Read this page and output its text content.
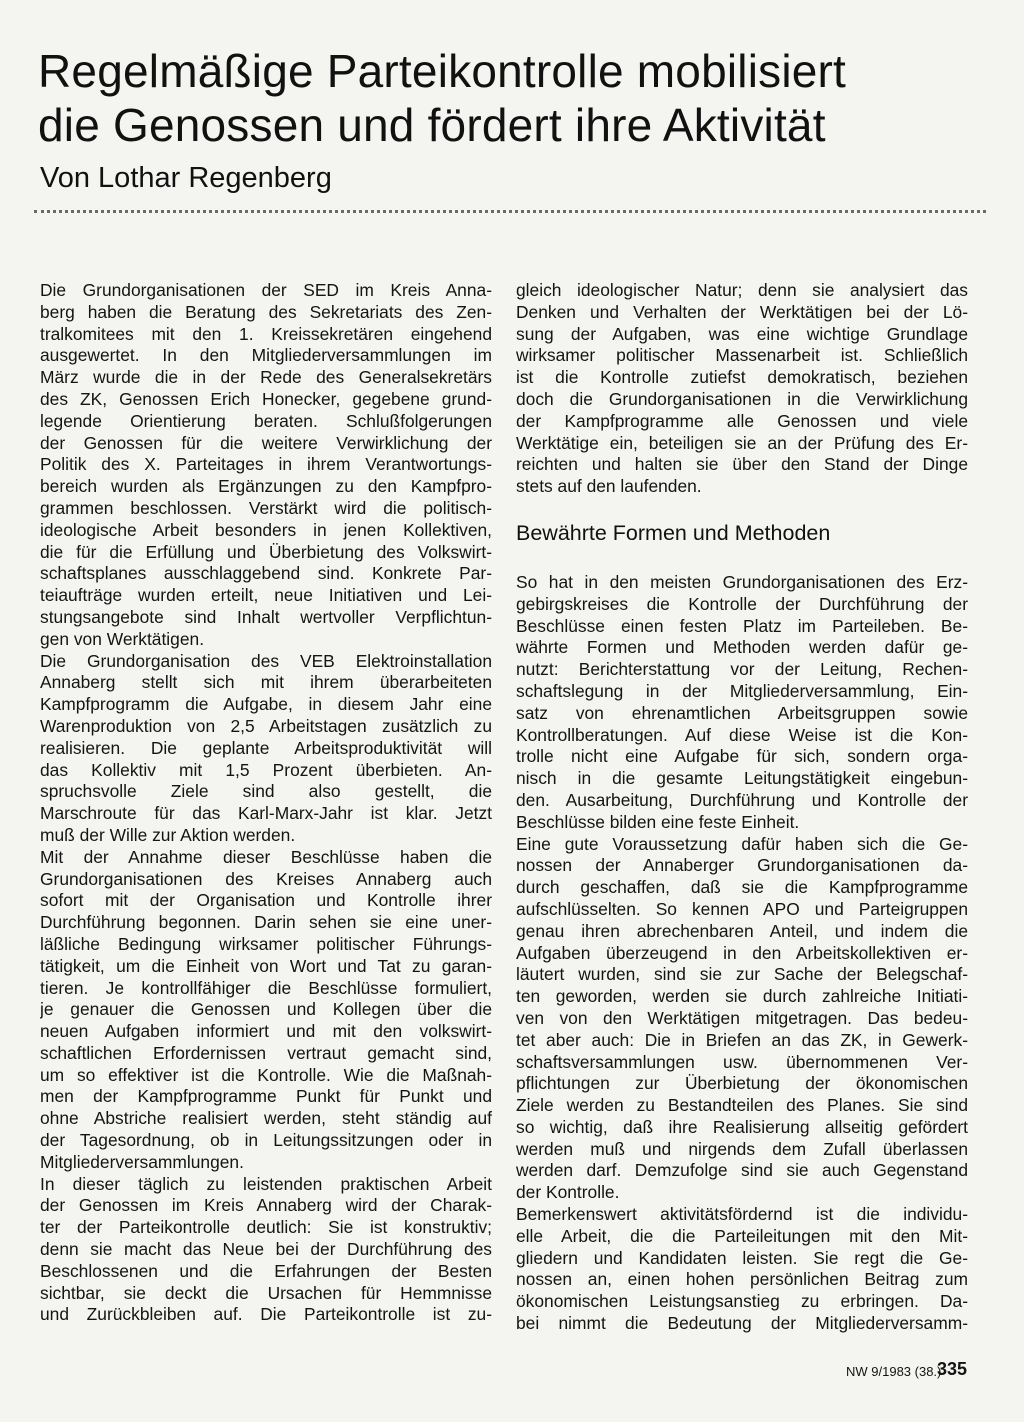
Regelmäßige Parteikontrolle mobilisiert
die Genossen und fördert ihre Aktivität
Von Lothar Regenberg
Die Grundorganisationen der SED im Kreis Anna-
berg haben die Beratung des Sekretariats des Zen-
tralkomitees mit den 1. Kreissekretären eingehend
ausgewertet. In den Mitgliederversammlungen im
März wurde die in der Rede des Generalsekretärs
des ZK, Genossen Erich Honecker, gegebene grund-
legende Orientierung beraten. Schlußfolgerungen
der Genossen für die weitere Verwirklichung der
Politik des X. Parteitages in ihrem Verantwortungs-
bereich wurden als Ergänzungen zu den Kampfpro-
grammen beschlossen. Verstärkt wird die politisch-
ideologische Arbeit besonders in jenen Kollektiven,
die für die Erfüllung und Überbietung des Volkswirt-
schaftsplanes ausschlaggebend sind. Konkrete Par-
teiaufträge wurden erteilt, neue Initiativen und Lei-
stungsangebote sind Inhalt wertvoller Verpflichtun-
gen von Werktätigen.
Die Grundorganisation des VEB Elektroinstallation
Annaberg stellt sich mit ihrem überarbeiteten
Kampfprogramm die Aufgabe, in diesem Jahr eine
Warenproduktion von 2,5 Arbeitstagen zusätzlich zu
realisieren. Die geplante Arbeitsproduktivität will
das Kollektiv mit 1,5 Prozent überbieten. An-
spruchsvolle Ziele sind also gestellt, die
Marschroute für das Karl-Marx-Jahr ist klar. Jetzt
muß der Wille zur Aktion werden.
Mit der Annahme dieser Beschlüsse haben die
Grundorganisationen des Kreises Annaberg auch
sofort mit der Organisation und Kontrolle ihrer
Durchführung begonnen. Darin sehen sie eine uner-
läßliche Bedingung wirksamer politischer Führungs-
tätigkeit, um die Einheit von Wort und Tat zu garan-
tieren. Je kontrollfähiger die Beschlüsse formuliert,
je genauer die Genossen und Kollegen über die
neuen Aufgaben informiert und mit den volkswirt-
schaftlichen Erfordernissen vertraut gemacht sind,
um so effektiver ist die Kontrolle. Wie die Maßnah-
men der Kampfprogramme Punkt für Punkt und
ohne Abstriche realisiert werden, steht ständig auf
der Tagesordnung, ob in Leitungssitzungen oder in
Mitgliederversammlungen.
In dieser täglich zu leistenden praktischen Arbeit
der Genossen im Kreis Annaberg wird der Charak-
ter der Parteikontrolle deutlich: Sie ist konstruktiv;
denn sie macht das Neue bei der Durchführung des
Beschlossenen und die Erfahrungen der Besten
sichtbar, sie deckt die Ursachen für Hemmnisse
und Zurückbleiben auf. Die Parteikontrolle ist zu-
gleich ideologischer Natur; denn sie analysiert das
Denken und Verhalten der Werktätigen bei der Lö-
sung der Aufgaben, was eine wichtige Grundlage
wirksamer politischer Massenarbeit ist. Schließlich
ist die Kontrolle zutiefst demokratisch, beziehen
doch die Grundorganisationen in die Verwirklichung
der Kampfprogramme alle Genossen und viele
Werktätige ein, beteiligen sie an der Prüfung des Er-
reichten und halten sie über den Stand der Dinge
stets auf den laufenden.
Bewährte Formen und Methoden
So hat in den meisten Grundorganisationen des Erz-
gebirgskreises die Kontrolle der Durchführung der
Beschlüsse einen festen Platz im Parteileben. Be-
währte Formen und Methoden werden dafür ge-
nutzt: Berichterstattung vor der Leitung, Rechen-
schaftslegung in der Mitgliederversammlung, Ein-
satz von ehrenamtlichen Arbeitsgruppen sowie
Kontrollberatungen. Auf diese Weise ist die Kon-
trolle nicht eine Aufgabe für sich, sondern orga-
nisch in die gesamte Leitungstätigkeit eingebun-
den. Ausarbeitung, Durchführung und Kontrolle der
Beschlüsse bilden eine feste Einheit.
Eine gute Voraussetzung dafür haben sich die Ge-
nossen der Annaberger Grundorganisationen da-
durch geschaffen, daß sie die Kampfprogramme
aufschlüsselten. So kennen APO und Parteigruppen
genau ihren abrechenbaren Anteil, und indem die
Aufgaben überzeugend in den Arbeitskollektiven er-
läutert wurden, sind sie zur Sache der Belegschaf-
ten geworden, werden sie durch zahlreiche Initiati-
ven von den Werktätigen mitgetragen. Das bedeu-
tet aber auch: Die in Briefen an das ZK, in Gewerk-
schaftsversammlungen usw. übernommenen Ver-
pflichtungen zur Überbietung der ökonomischen
Ziele werden zu Bestandteilen des Planes. Sie sind
so wichtig, daß ihre Realisierung allseitig gefördert
werden muß und nirgends dem Zufall überlassen
werden darf. Demzufolge sind sie auch Gegenstand
der Kontrolle.
Bemerkenswert aktivitätsfördernd ist die individu-
elle Arbeit, die die Parteileitungen mit den Mit-
gliedern und Kandidaten leisten. Sie regt die Ge-
nossen an, einen hohen persönlichen Beitrag zum
ökonomischen Leistungsanstieg zu erbringen. Da-
bei nimmt die Bedeutung der Mitgliederversamm-
NW 9/1983 (38.)
335
